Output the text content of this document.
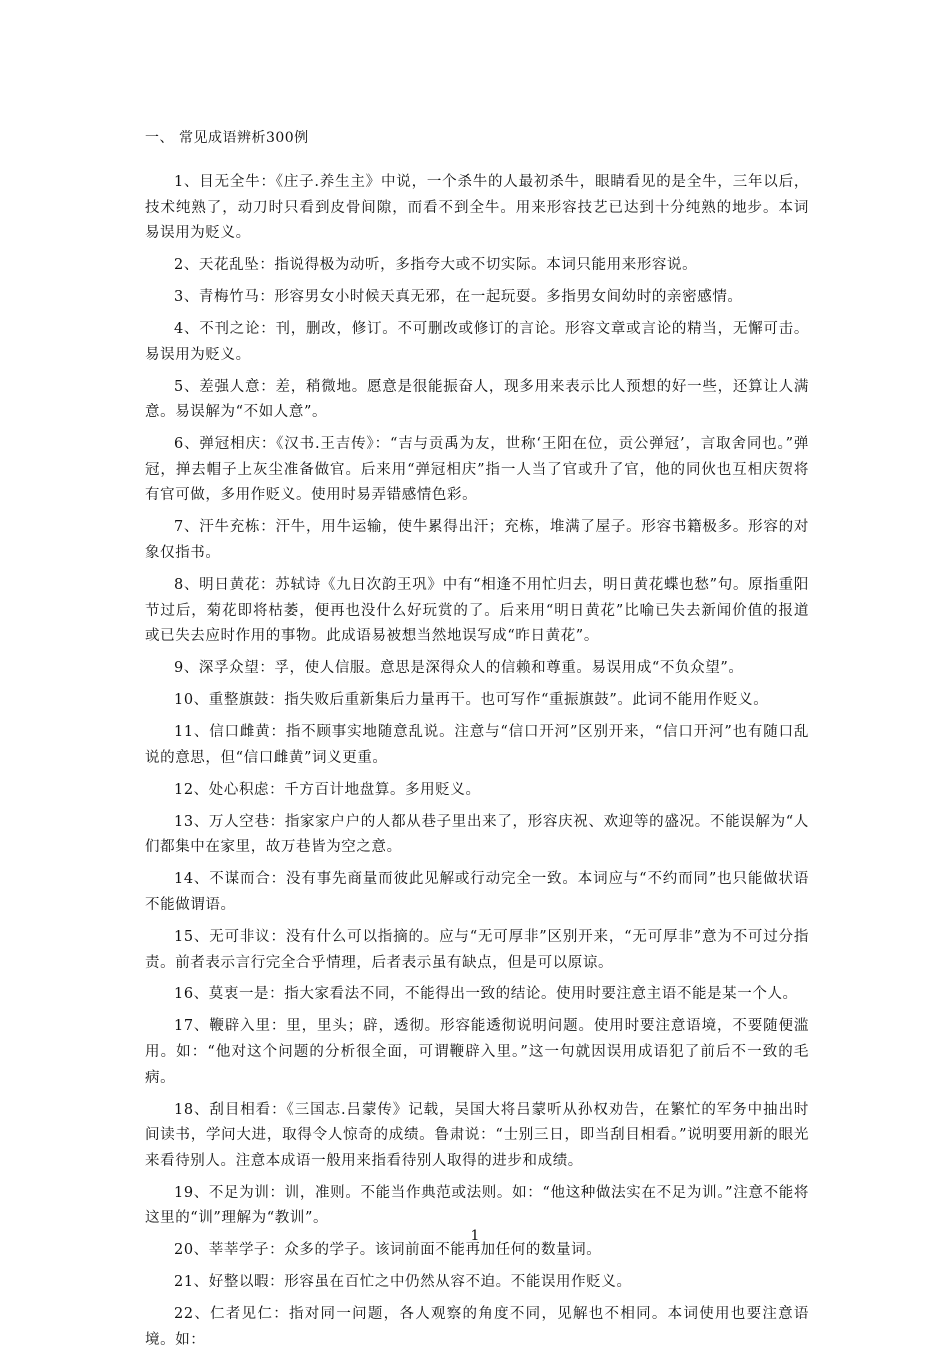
一、 常见成语辨析300例

1、目无全牛：《庄子.养生主》中说，一个杀牛的人最初杀牛，眼睛看见的是全牛，三年以后，技术纯熟了，动刀时只看到皮骨间隙，而看不到全牛。用来形容技艺已达到十分纯熟的地步。本词易误用为贬义。

2、天花乱坠：指说得极为动听，多指夸大或不切实际。本词只能用来形容说。

3、青梅竹马：形容男女小时候天真无邪，在一起玩耍。多指男女间幼时的亲密感情。

4、不刊之论：刊，删改，修订。不可删改或修订的言论。形容文章或言论的精当，无懈可击。易误用为贬义。

5、差强人意：差，稍微地。愿意是很能振奋人，现多用来表示比人预想的好一些，还算让人满意。易误解为“不如人意”。

6、弹冠相庆：《汉书.王吉传》：“吉与贡禹为友，世称‘王阳在位，贡公弹冠’，言取舍同也。”弹冠，掸去帽子上灰尘准备做官。后来用“弹冠相庆”指一人当了官或升了官，他的同伙也互相庆贺将有官可做，多用作贬义。使用时易弄错感情色彩。

7、汗牛充栋：汗牛，用牛运输，使牛累得出汗；充栋，堆满了屋子。形容书籍极多。形容的对象仅指书。

8、明日黄花：苏轼诗《九日次韵王巩》中有“相逢不用忙归去，明日黄花蝶也愁”句。原指重阳节过后，菊花即将枯萎，便再也没什么好玩赏的了。后来用“明日黄花”比喻已失去新闻价值的报道或已失去应时作用的事物。此成语易被想当然地误写成“昨日黄花”。

9、深孚众望：孚，使人信服。意思是深得众人的信赖和尊重。易误用成“不负众望”。

10、重整旗鼓：指失败后重新集后力量再干。也可写作“重振旗鼓”。此词不能用作贬义。

11、信口雌黄：指不顾事实地随意乱说。注意与“信口开河”区别开来，“信口开河”也有随口乱说的意思，但“信口雌黄”词义更重。

12、处心积虑：千方百计地盘算。多用贬义。

13、万人空巷：指家家户户的人都从巷子里出来了，形容庆祝、欢迎等的盛况。不能误解为“人们都集中在家里，故万巷皆为空之意。

14、不谋而合：没有事先商量而彼此见解或行动完全一致。本词应与“不约而同”也只能做状语不能做谓语。

15、无可非议：没有什么可以指摘的。应与“无可厚非”区别开来，“无可厚非”意为不可过分指责。前者表示言行完全合乎情理，后者表示虽有缺点，但是可以原谅。

16、莫衷一是：指大家看法不同，不能得出一致的结论。使用时要注意主语不能是某一个人。

17、鞭辟入里：里，里头；辟，透彻。形容能透彻说明问题。使用时要注意语境，不要随便滥用。如：“他对这个问题的分析很全面，可谓鞭辟入里。”这一句就因误用成语犯了前后不一致的毛病。

18、刮目相看：《三国志.吕蒙传》记载，吴国大将吕蒙听从孙权劝告，在繁忙的军务中抽出时间读书，学问大进，取得令人惊奇的成绩。鲁肃说：“士别三日，即当刮目相看。”说明要用新的眼光来看待别人。注意本成语一般用来指看待别人取得的进步和成绩。

19、不足为训：训，准则。不能当作典范或法则。如：“他这种做法实在不足为训。”注意不能将这里的“训”理解为“教训”。

20、莘莘学子：众多的学子。该词前面不能再加任何的数量词。

21、好整以暇：形容虽在百忙之中仍然从容不迫。不能误用作贬义。

22、仁者见仁：指对同一问题，各人观察的角度不同，见解也不相同。本词使用也要注意语境。如：

1
